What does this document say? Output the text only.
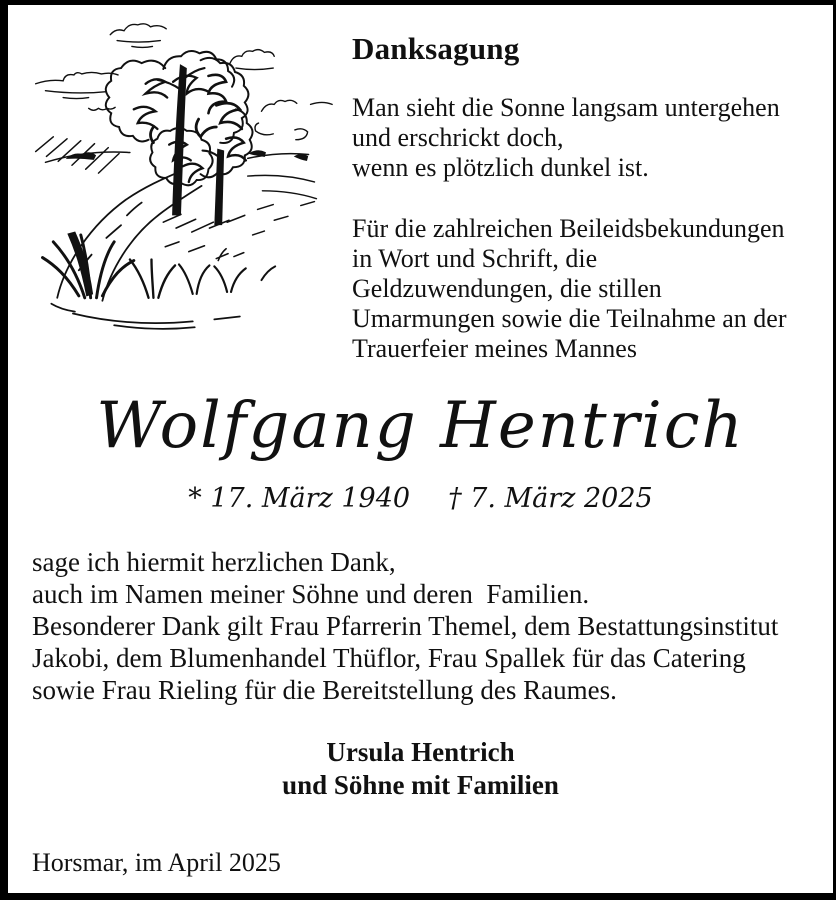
Danksagung
Man sieht die Sonne langsam untergehen
und erschrickt doch,
wenn es plötzlich dunkel ist.
Für die zahlreichen Beileidsbekundungen
in Wort und Schrift, die
Geldzuwendungen, die stillen
Umarmungen sowie die Teilnahme an der
Trauerfeier meines Mannes
Wolfgang Hentrich
* 17. März 1940 † 7. März 2025
sage ich hiermit herzlichen Dank,
auch im Namen meiner Söhne und deren  Familien.
Besonderer Dank gilt Frau Pfarrerin Themel, dem Bestattungsinstitut
Jakobi, dem Blumenhandel Thüflor, Frau Spallek für das Catering
sowie Frau Rieling für die Bereitstellung des Raumes.
Ursula Hentrich
und Söhne mit Familien
Horsmar, im April 2025
